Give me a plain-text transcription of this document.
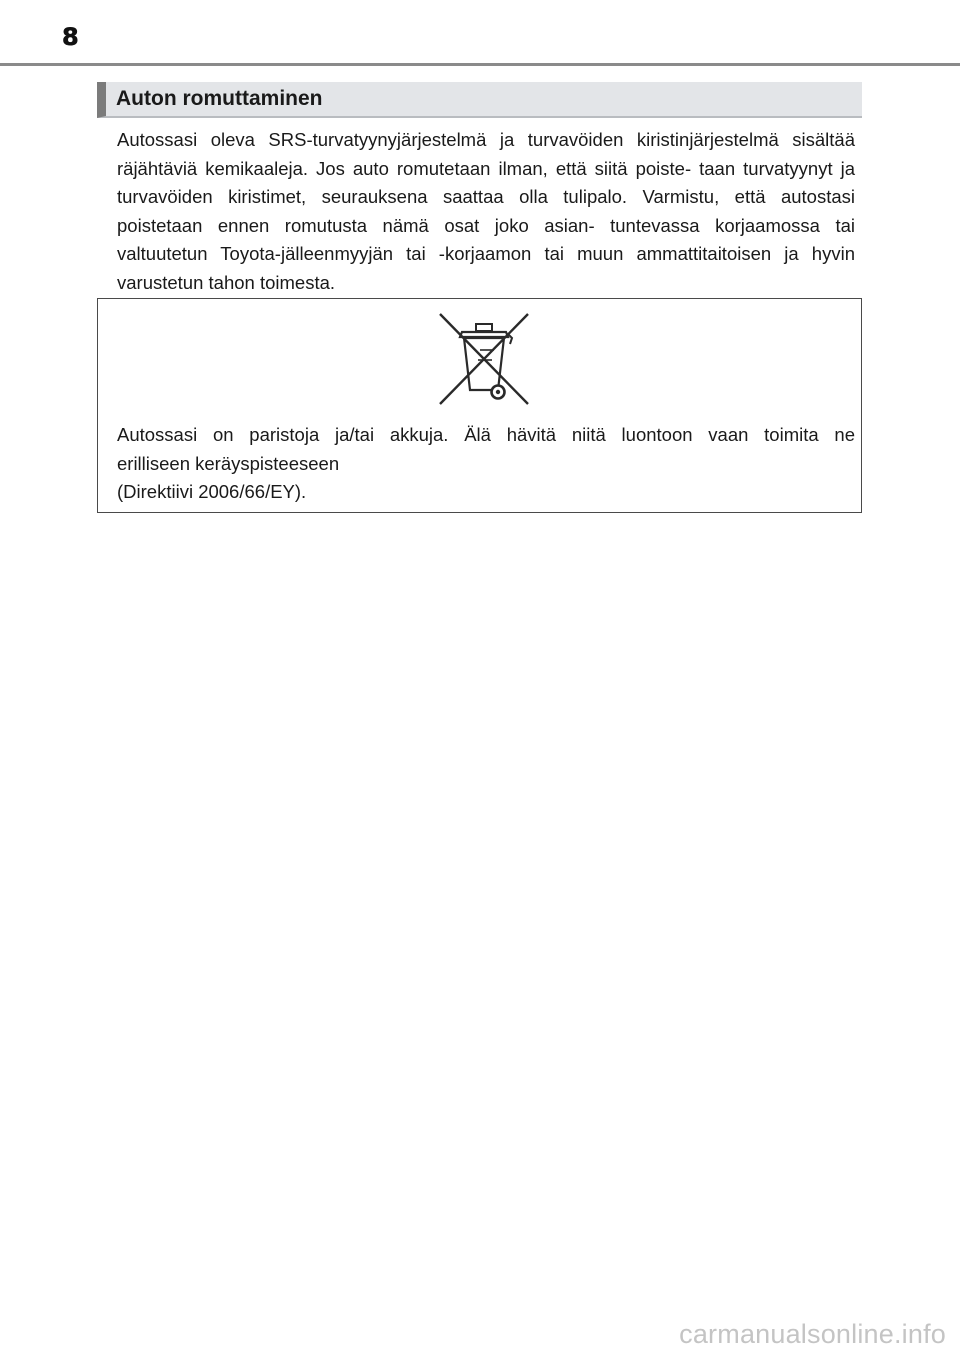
8
Auton romuttaminen

Autossasi oleva SRS-turvatyynyjärjestelmä ja turvavöiden kiristinjärjestelmä sisältää räjähtäviä kemikaaleja. Jos auto romutetaan ilman, että siitä poiste- taan turvatyynyt ja turvavöiden kiristimet, seurauksena saattaa olla tulipalo. Varmistu, että autostasi poistetaan ennen romutusta nämä osat joko asian- tuntevassa korjaamossa tai valtuutetun Toyota-jälleenmyyjän tai -korjaamon tai muun ammattitaitoisen ja hyvin varustetun tahon toimesta.

Autossasi on paristoja ja/tai akkuja. Älä hävitä niitä luontoon vaan toimita ne
erilliseen keräyspisteeseen
(Direktiivi 2006/66/EY).

carmanualsonline.info
